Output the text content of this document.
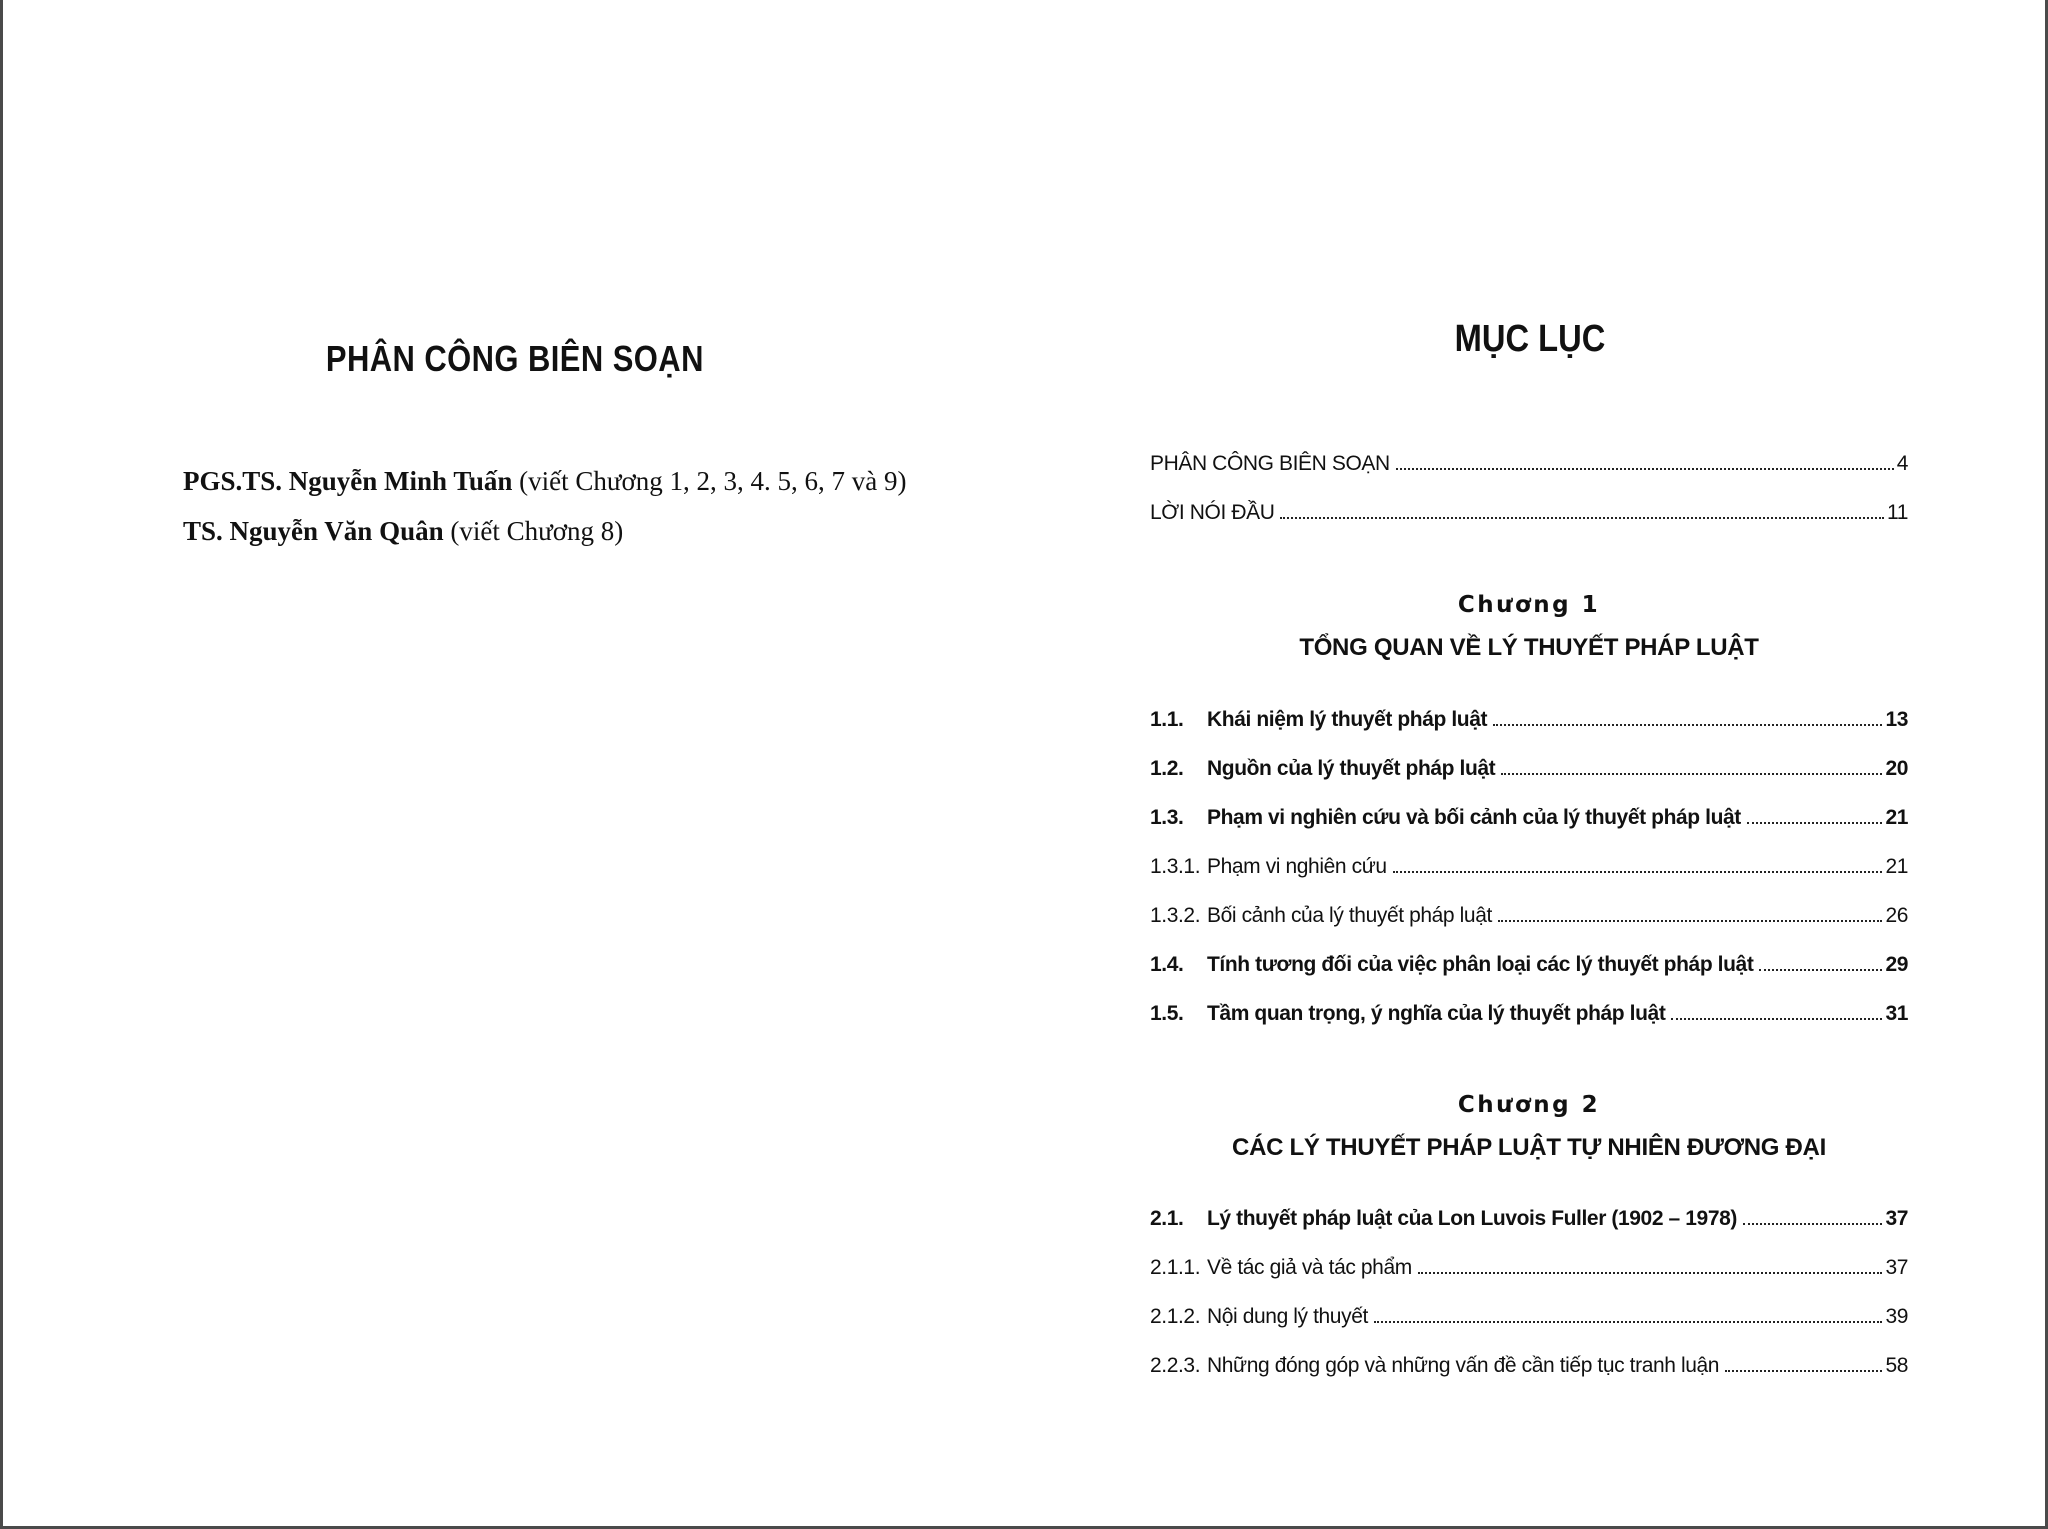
PHÂN CÔNG BIÊN SOẠN
PGS.TS. Nguyễn Minh Tuấn (viết Chương 1, 2, 3, 4. 5, 6, 7 và 9)
TS. Nguyễn Văn Quân (viết Chương 8)
MỤC LỤC
PHÂN CÔNG BIÊN SOẠN	4
LỜI NÓI ĐẦU	11
Chương 1
TỔNG QUAN VỀ LÝ THUYẾT PHÁP LUẬT
1.1.	Khái niệm lý thuyết pháp luật	13
1.2.	Nguồn của lý thuyết pháp luật	20
1.3.	Phạm vi nghiên cứu và bối cảnh của lý thuyết pháp luật	21
1.3.1. Phạm vi nghiên cứu	21
1.3.2. Bối cảnh của lý thuyết pháp luật	26
1.4.	Tính tương đối của việc phân loại các lý thuyết pháp luật	29
1.5.	Tầm quan trọng, ý nghĩa của lý thuyết pháp luật	31
Chương 2
CÁC LÝ THUYẾT PHÁP LUẬT TỰ NHIÊN ĐƯƠNG ĐẠI
2.1.	Lý thuyết pháp luật của Lon Luvois Fuller (1902 – 1978)	37
2.1.1. Về tác giả và tác phẩm	37
2.1.2. Nội dung lý thuyết	39
2.2.3. Những đóng góp và những vấn đề cần tiếp tục tranh luận	58
